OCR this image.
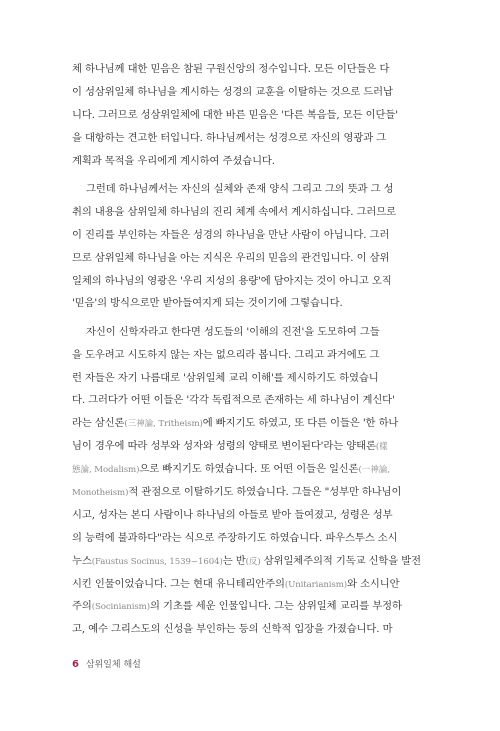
체 하나님께 대한 믿음은 참된 구원신앙의 정수입니다. 모든 이단들은 다
이 성삼위일체 하나님을 계시하는 성경의 교훈을 이탈하는 것으로 드러납
니다. 그러므로 성삼위일체에 대한 바른 믿음은 '다른 복음들, 모든 이단들'
을 대항하는 견고한 터입니다. 하나님께서는 성경으로 자신의 영광과 그
계획과 목적을 우리에게 계시하여 주셨습니다.
그런데 하나님께서는 자신의 실체와 존재 양식 그리고 그의 뜻과 그 성
취의 내용을 삼위일체 하나님의 진리 체계 속에서 계시하십니다. 그러므로
이 진리를 부인하는 자들은 성경의 하나님을 만난 사람이 아닙니다. 그러
므로 삼위일체 하나님을 아는 지식은 우리의 믿음의 관건입니다. 이 삼위
일체의 하나님의 영광은 '우리 지성의 용량'에 담아지는 것이 아니고 오직
'믿음'의 방식으로만 받아들여지게 되는 것이기에 그렇습니다.
자신이 신학자라고 한다면 성도들의 '이해의 진전'을 도모하여 그들
을 도우려고 시도하지 않는 자는 없으리라 봅니다. 그리고 과거에도 그
런 자들은 자기 나름대로 '삼위일체 교리 이해'를 제시하기도 하였습니
다. 그러다가 어떤 이들은 '각각 독립적으로 존재하는 세 하나님이 계신다'
라는 삼신론(三神論, Tritheism)에 빠지기도 하였고, 또 다른 이들은 '한 하나
님이 경우에 따라 성부와 성자와 성령의 양태로 변이된다'라는 양태론(樣
態論, Modalism)으로 빠지기도 하였습니다. 또 어떤 이들은 일신론(一神論,
Monotheism)적 관점으로 이탈하기도 하였습니다. 그들은 "성부만 하나님이
시고, 성자는 본디 사람이나 하나님의 아들로 받아 들여졌고, 성령은 성부
의 능력에 불과하다"라는 식으로 주장하기도 하였습니다. 파우스투스 소시
누스(Faustus Socinus, 1539~1604)는 반(反) 삼위일체주의적 기독교 신학을 발전
시킨 인물이었습니다. 그는 현대 유니테리안주의(Unitarianism)와 소시니안
주의(Socinianism)의 기초를 세운 인물입니다. 그는 삼위일체 교리를 부정하
고, 예수 그리스도의 신성을 부인하는 등의 신학적 입장을 가졌습니다. 마
6 삼위일체 해설
